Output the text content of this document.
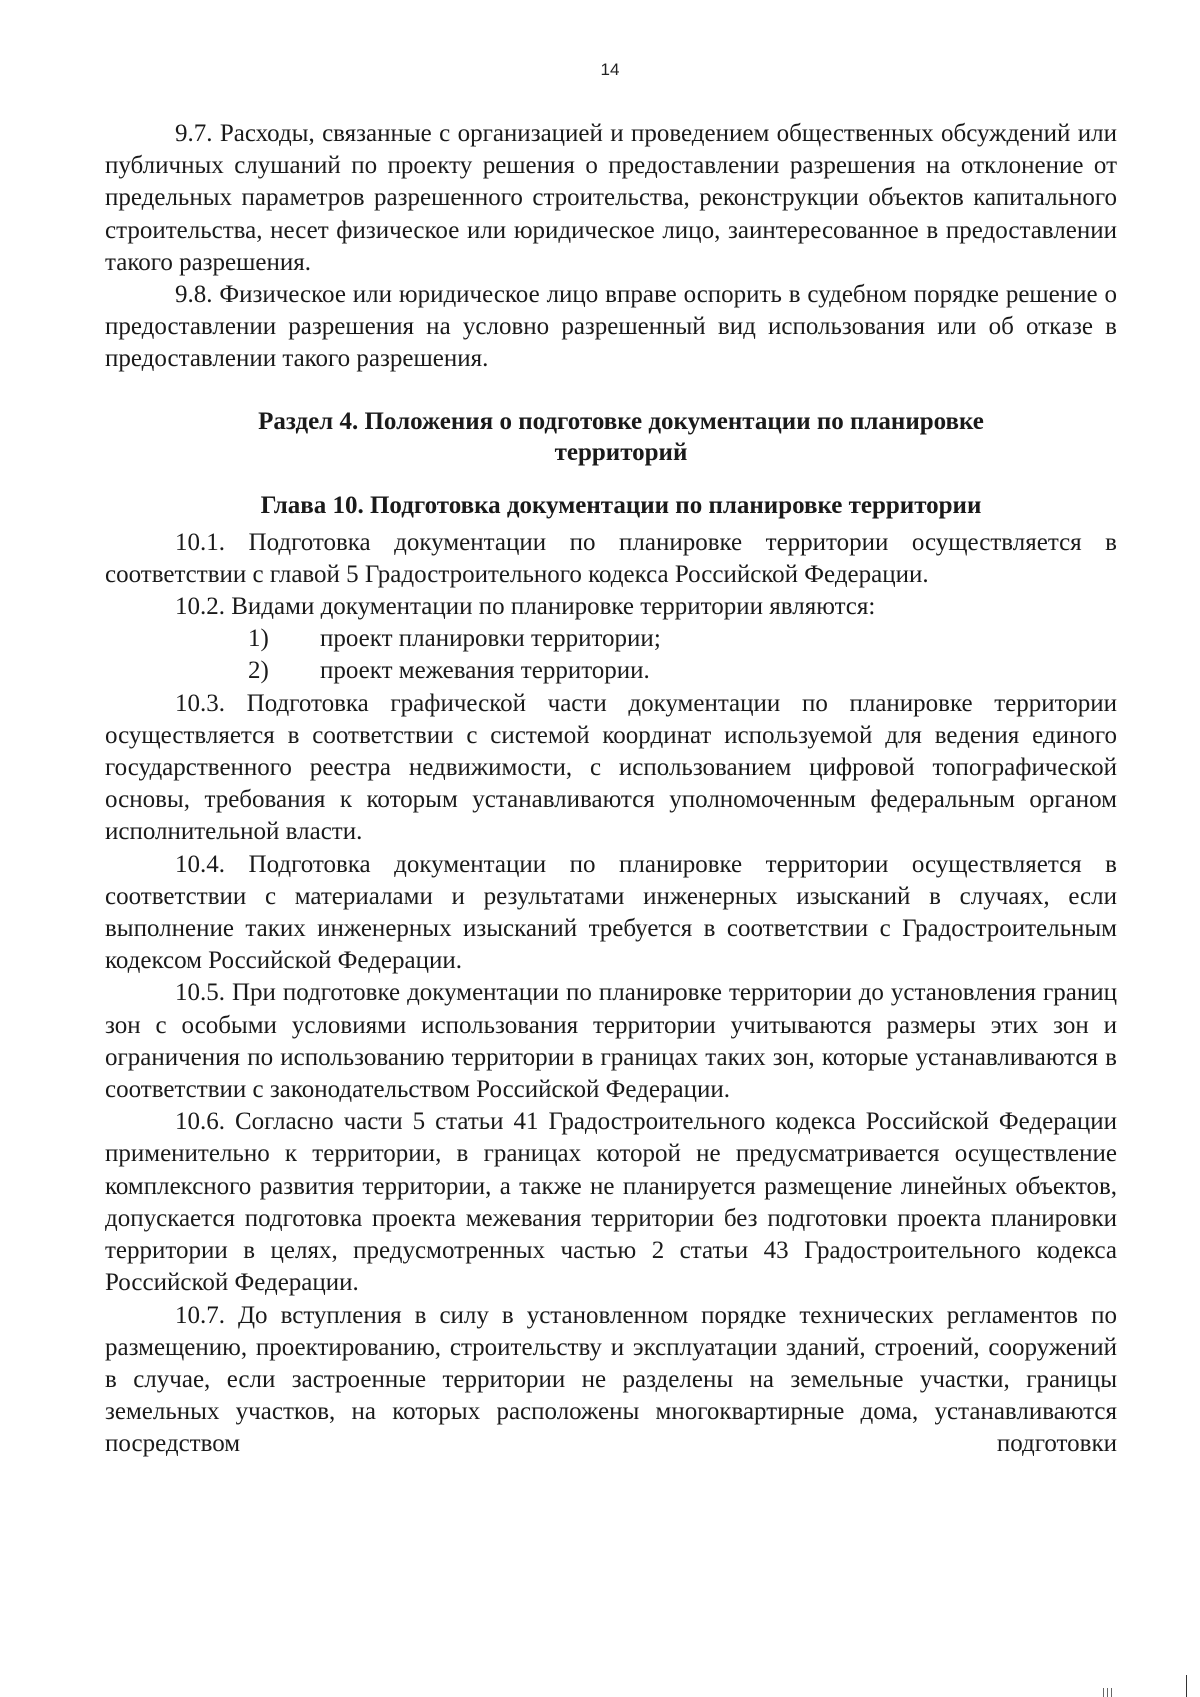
14

9.7. Расходы, связанные с организацией и проведением общественных обсуждений или публичных слушаний по проекту решения о предоставлении разрешения на отклонение от предельных параметров разрешенного строительства, реконструкции объектов капитального строительства, несет физическое или юридическое лицо, заинтересованное в предоставлении такого разрешения.

9.8. Физическое или юридическое лицо вправе оспорить в судебном порядке решение о предоставлении разрешения на условно разрешенный вид использования или об отказе в предоставлении такого разрешения.

Раздел 4. Положения о подготовке документации по планировке
территорий
Глава 10. Подготовка документации по планировке территории

10.1. Подготовка документации по планировке территории осуществляется в соответствии с главой 5 Градостроительного кодекса Российской Федерации.

10.2. Видами документации по планировке территории являются:

1)	проект планировки территории;
2)	проект межевания территории.

10.3. Подготовка графической части документации по планировке территории осуществляется в соответствии с системой координат используемой для ведения единого государственного реестра недвижимости, с использованием цифровой топографической основы, требования к которым устанавливаются уполномоченным федеральным органом исполнительной власти.

10.4. Подготовка документации по планировке территории осуществляется в соответствии с материалами и результатами инженерных изысканий в случаях, если выполнение таких инженерных изысканий требуется в соответствии с Градостроительным кодексом Российской Федерации.

10.5. При подготовке документации по планировке территории до установления границ зон с особыми условиями использования территории учитываются размеры этих зон и ограничения по использованию территории в границах таких зон, которые устанавливаются в соответствии с законодательством Российской Федерации.

10.6. Согласно части 5 статьи 41 Градостроительного кодекса Российской Федерации применительно к территории, в границах которой не предусматривается осуществление комплексного развития территории, а также не планируется размещение линейных объектов, допускается подготовка проекта межевания территории без подготовки проекта планировки территории в целях, предусмотренных частью 2 статьи 43 Градостроительного кодекса Российской Федерации.

10.7. До вступления в силу в установленном порядке технических регламентов по размещению, проектированию, строительству и эксплуатации зданий, строений, сооружений в случае, если застроенные территории не разделены на земельные участки, границы земельных участков, на которых расположены многоквартирные дома, устанавливаются посредством подготовки
